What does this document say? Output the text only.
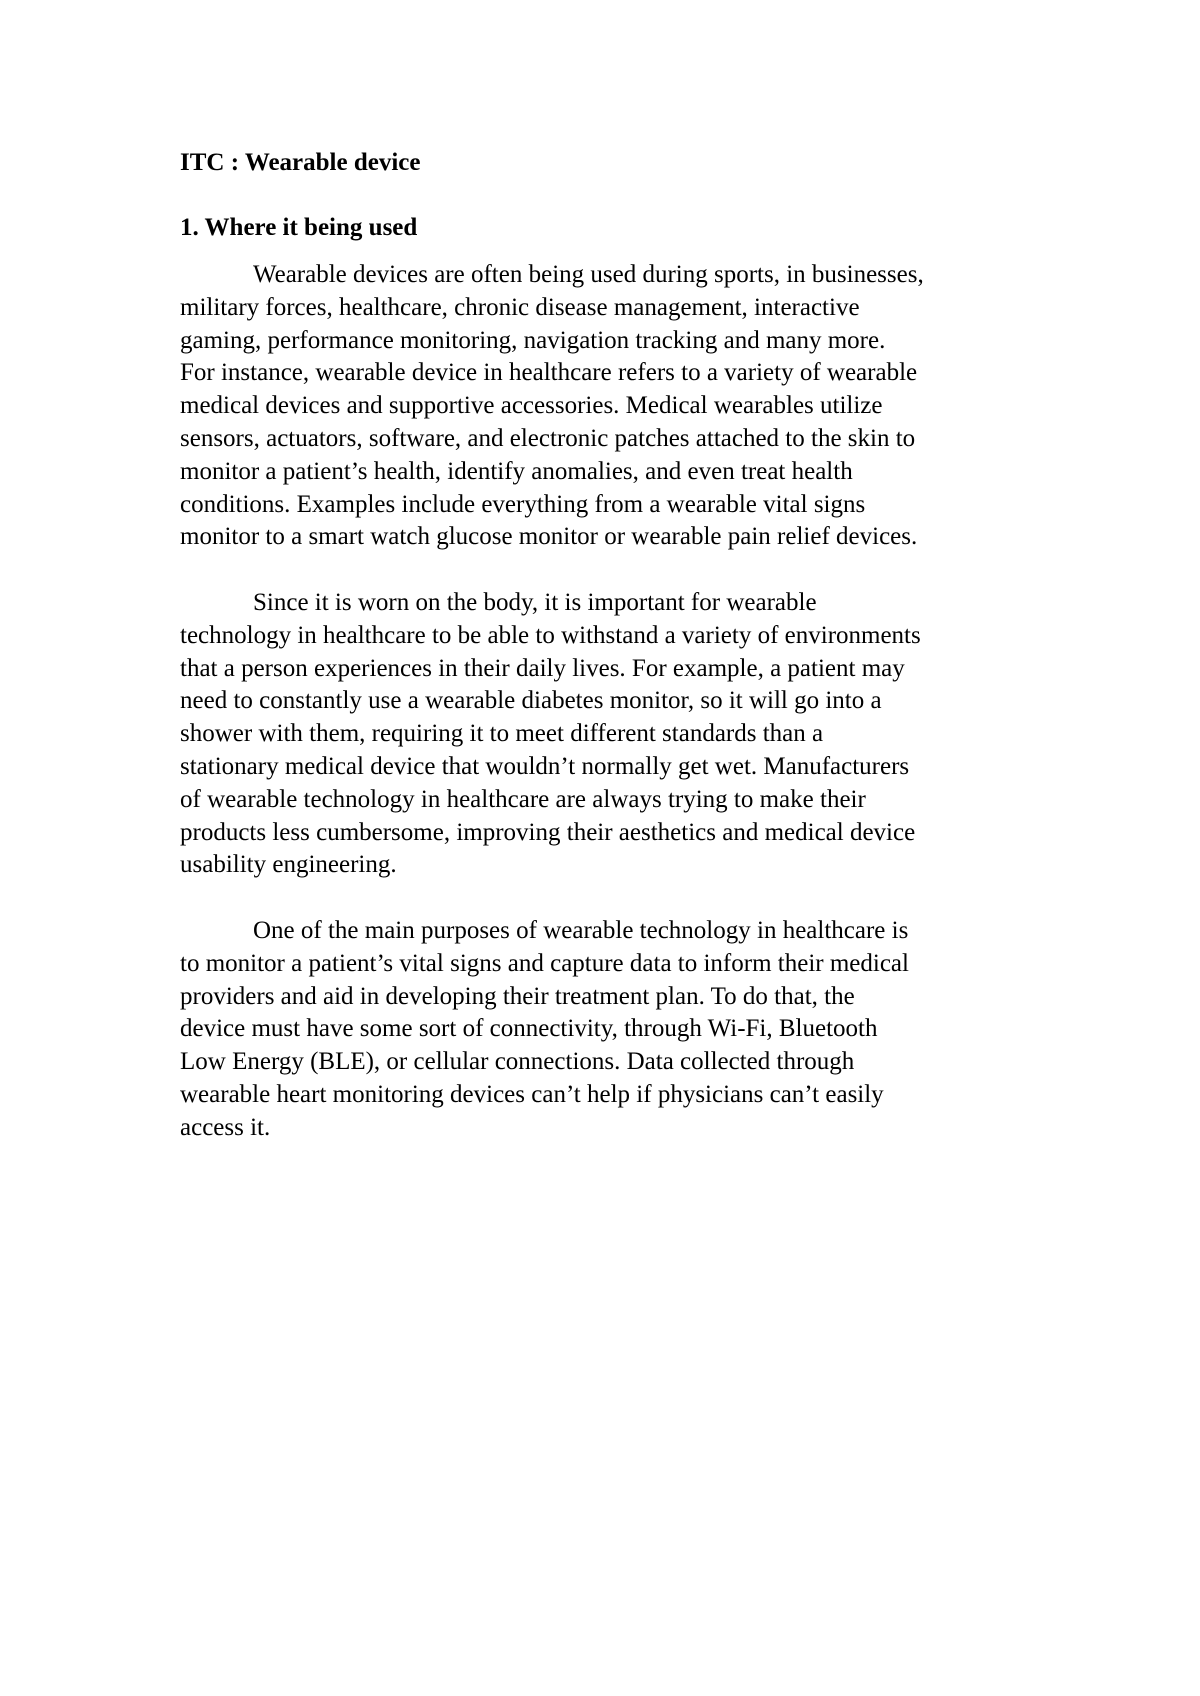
ITC : Wearable device
1. Where it being used
Wearable devices are often being used during sports, in businesses,
military forces, healthcare, chronic disease management, interactive
gaming, performance monitoring, navigation tracking and many more.
For instance, wearable device in healthcare refers to a variety of wearable
medical devices and supportive accessories. Medical wearables utilize
sensors, actuators, software, and electronic patches attached to the skin to
monitor a patient’s health, identify anomalies, and even treat health
conditions. Examples include everything from a wearable vital signs
monitor to a smart watch glucose monitor or wearable pain relief devices.
Since it is worn on the body, it is important for wearable
technology in healthcare to be able to withstand a variety of environments
that a person experiences in their daily lives. For example, a patient may
need to constantly use a wearable diabetes monitor, so it will go into a
shower with them, requiring it to meet different standards than a
stationary medical device that wouldn’t normally get wet. Manufacturers
of wearable technology in healthcare are always trying to make their
products less cumbersome, improving their aesthetics and medical device
usability engineering.
One of the main purposes of wearable technology in healthcare is
to monitor a patient’s vital signs and capture data to inform their medical
providers and aid in developing their treatment plan. To do that, the
device must have some sort of connectivity, through Wi-Fi, Bluetooth
Low Energy (BLE), or cellular connections. Data collected through
wearable heart monitoring devices can’t help if physicians can’t easily
access it.
